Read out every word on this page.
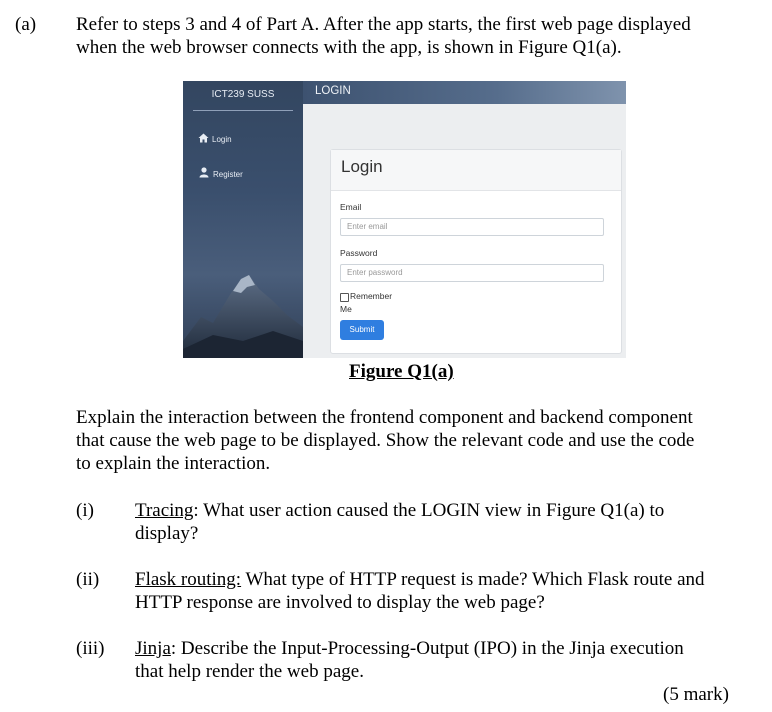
(a) Refer to steps 3 and 4 of Part A. After the app starts, the first web page displayed
when the web browser connects with the app, is shown in Figure Q1(a).
ICT239 SUSS
Login
Register
LOGIN
Login
Email
Enter email
Password
Enter password
Remember
Me
Submit
Figure Q1(a)
Explain the interaction between the frontend component and backend component
that cause the web page to be displayed. Show the relevant code and use the code
to explain the interaction.
(i) Tracing: What user action caused the LOGIN view in Figure Q1(a) to
display?
(ii) Flask routing: What type of HTTP request is made? Which Flask route and
HTTP response are involved to display the web page?
(iii) Jinja: Describe the Input-Processing-Output (IPO) in the Jinja execution
that help render the web page.
(5 mark)
